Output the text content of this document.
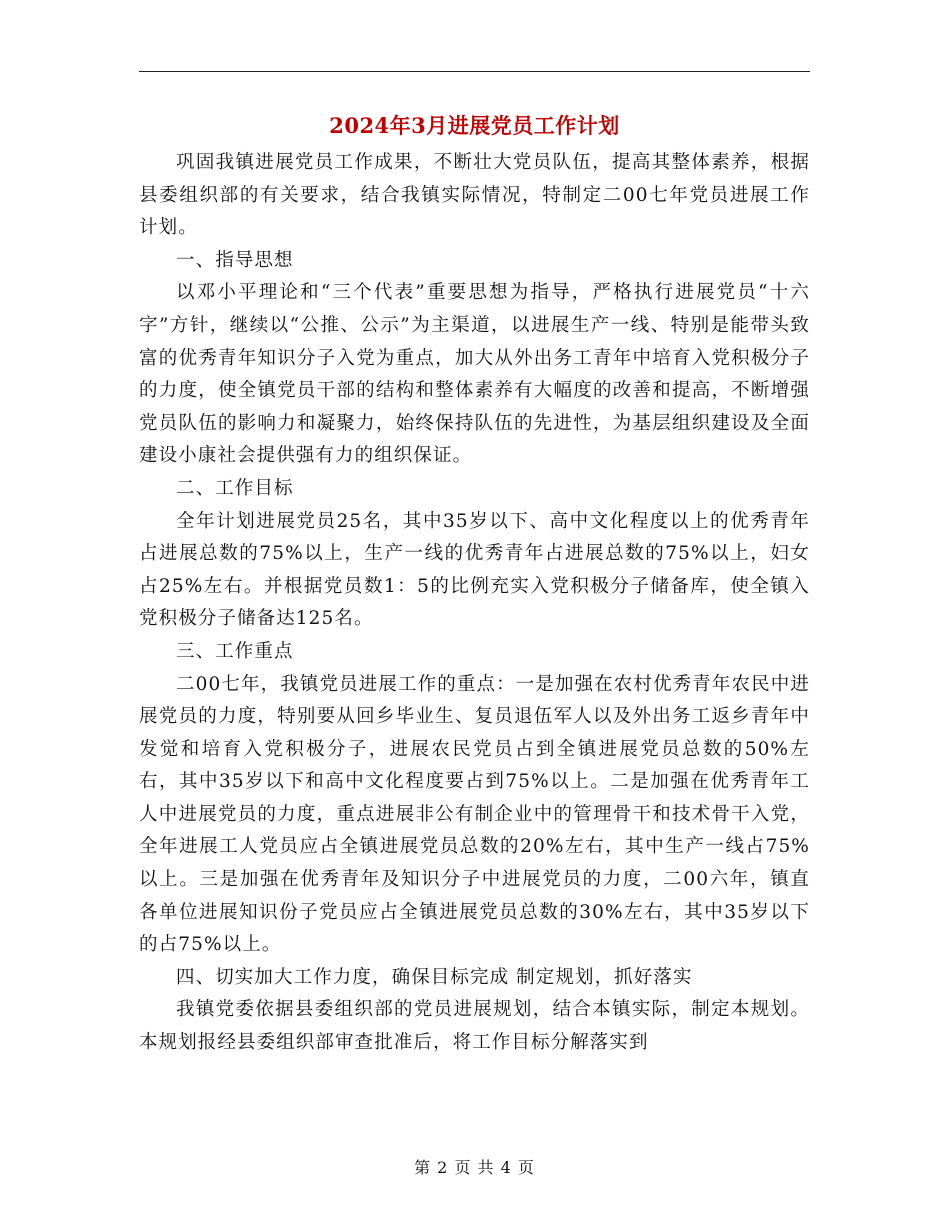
2024年3月进展党员工作计划

巩固我镇进展党员工作成果，不断壮大党员队伍，提高其整体素养，根据县委组织部的有关要求，结合我镇实际情况，特制定二00七年党员进展工作计划。

一、指导思想

以邓小平理论和“三个代表”重要思想为指导，严格执行进展党员“十六字”方针，继续以“公推、公示”为主渠道，以进展生产一线、特别是能带头致富的优秀青年知识分子入党为重点，加大从外出务工青年中培育入党积极分子的力度，使全镇党员干部的结构和整体素养有大幅度的改善和提高，不断增强党员队伍的影响力和凝聚力，始终保持队伍的先进性，为基层组织建设及全面建设小康社会提供强有力的组织保证。

二、工作目标

全年计划进展党员25名，其中35岁以下、高中文化程度以上的优秀青年占进展总数的75%以上，生产一线的优秀青年占进展总数的75%以上，妇女占25%左右。并根据党员数1：5的比例充实入党积极分子储备库，使全镇入党积极分子储备达125名。

三、工作重点

二00七年，我镇党员进展工作的重点：一是加强在农村优秀青年农民中进展党员的力度，特别要从回乡毕业生、复员退伍军人以及外出务工返乡青年中发觉和培育入党积极分子，进展农民党员占到全镇进展党员总数的50%左右，其中35岁以下和高中文化程度要占到75%以上。二是加强在优秀青年工人中进展党员的力度，重点进展非公有制企业中的管理骨干和技术骨干入党，全年进展工人党员应占全镇进展党员总数的20%左右，其中生产一线占75%以上。三是加强在优秀青年及知识分子中进展党员的力度，二00六年，镇直各单位进展知识份子党员应占全镇进展党员总数的30%左右，其中35岁以下的占75%以上。

四、切实加大工作力度，确保目标完成 制定规划，抓好落实

我镇党委依据县委组织部的党员进展规划，结合本镇实际，制定本规划。本规划报经县委组织部审查批准后，将工作目标分解落实到

第 2 页 共 4 页
